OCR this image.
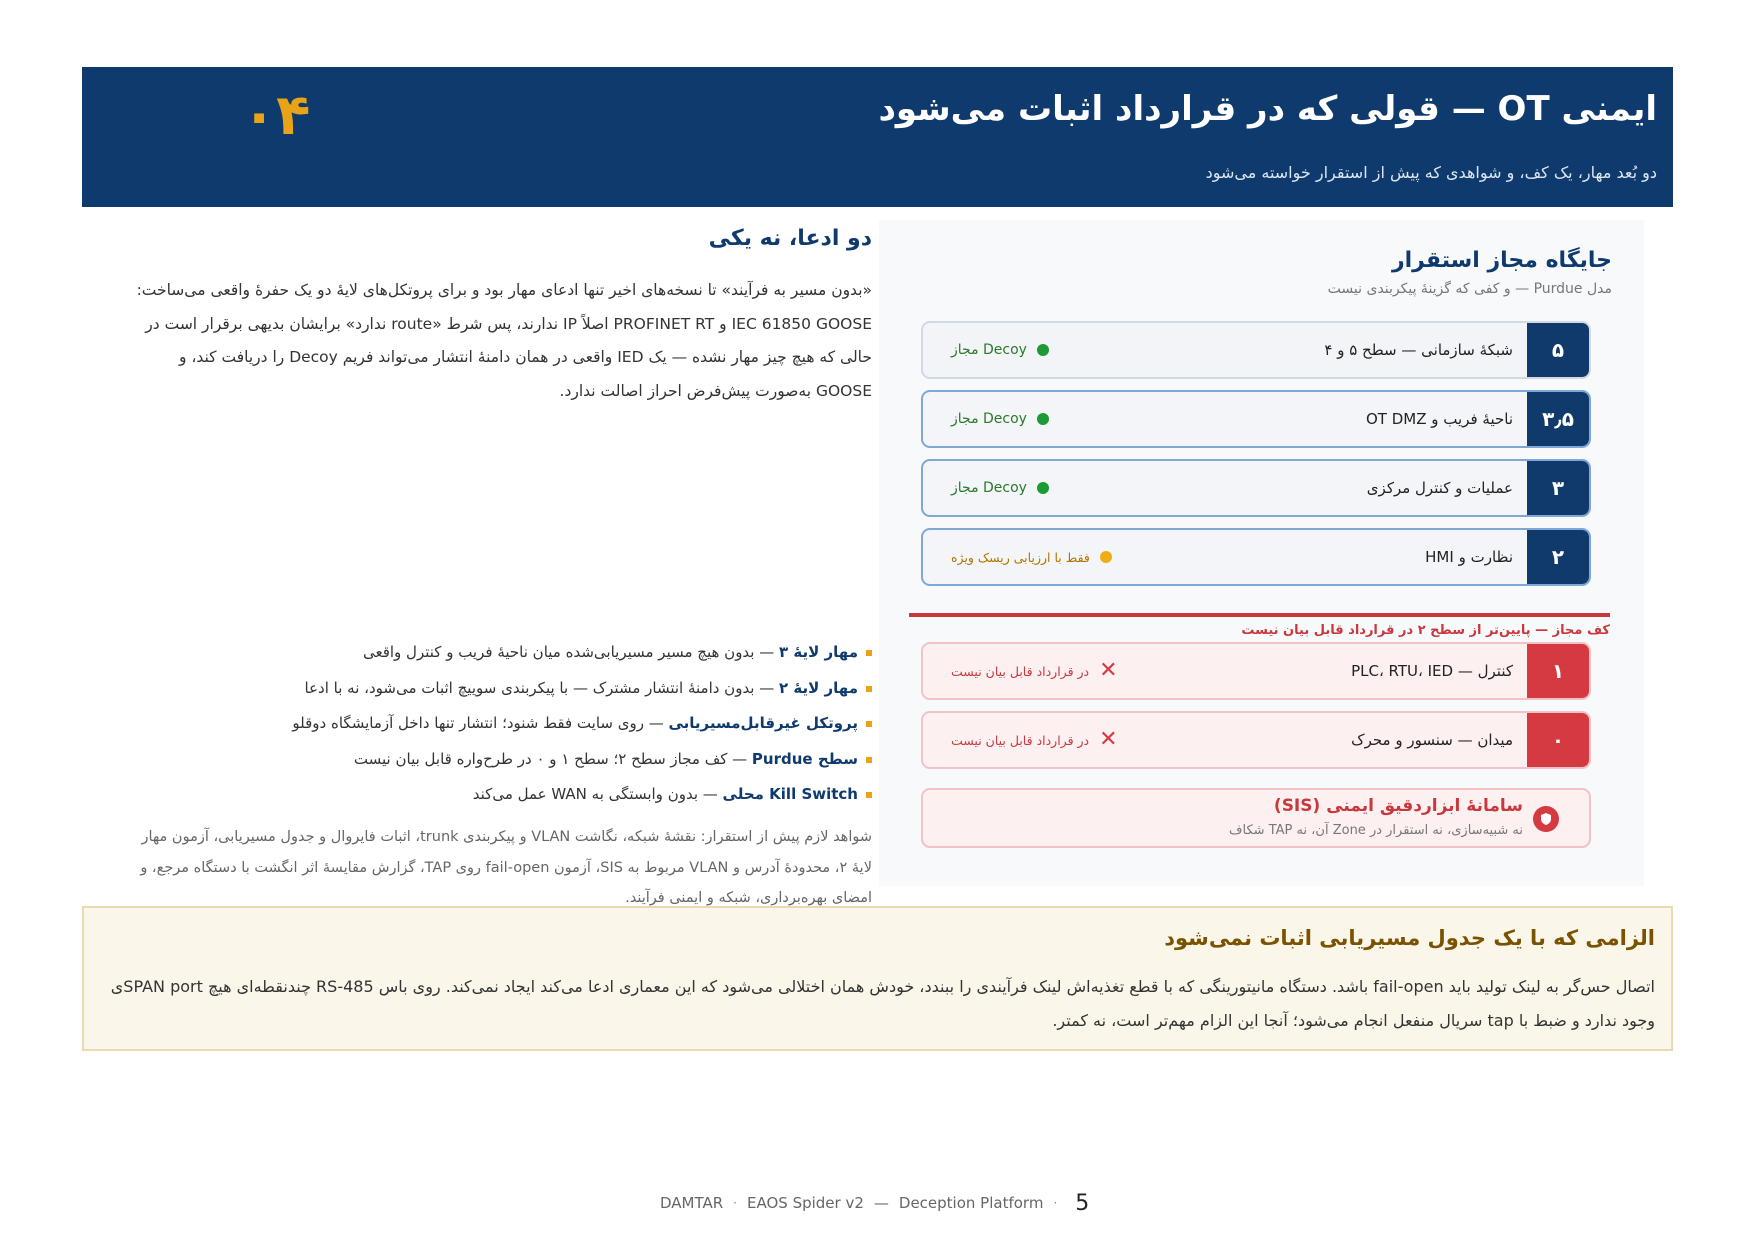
ایمنی OT — قولی که در قرارداد اثبات می‌شود
دو بُعد مهار، یک کف، و شواهدی که پیش از استقرار خواسته می‌شود
۰۴
دو ادعا، نه یکی

«بدون مسیر به فرآیند» تا نسخه‌های اخیر تنها ادعای مهار بود و برای پروتکل‌های لایهٔ دو یک حفرهٔ واقعی می‌ساخت: IEC 61850 GOOSE و PROFINET RT اصلاً IP ندارند، پس شرط «route ندارد» برایشان بدیهی برقرار است در حالی که هیچ چیز مهار نشده — یک IED واقعی در همان دامنهٔ انتشار می‌تواند فریم Decoy را دریافت کند، و GOOSE به‌صورت پیش‌فرض احراز اصالت ندارد.

مهار لایهٔ ۳ — بدون هیچ مسیر مسیریابی‌شده میان ناحیهٔ فریب و کنترل واقعی
مهار لایهٔ ۲ — بدون دامنهٔ انتشار مشترک — با پیکربندی سوییچ اثبات می‌شود، نه با ادعا
پروتکل غیرقابل‌مسیریابی — روی سایت فقط شنود؛ انتشار تنها داخل آزمایشگاه دوقلو
سطح Purdue — کف مجاز سطح ۲؛ سطح ۱ و ۰ در طرح‌واره قابل بیان نیست
Kill Switch محلی — بدون وابستگی به WAN عمل می‌کند

شواهد لازم پیش از استقرار: نقشهٔ شبکه، نگاشت VLAN و پیکربندی trunk، اثبات فایروال و جدول مسیریابی، آزمون مهار لایهٔ ۲، محدودهٔ آدرس و VLAN مربوط به SIS، آزمون fail-open روی TAP، گزارش مقایسهٔ اثر انگشت با دستگاه مرجع، و امضای بهره‌برداری، شبکه و ایمنی فرآیند.

جایگاه مجاز استقرار
مدل Purdue — و کفی که گزینهٔ پیکربندی نیست
۵
شبکهٔ سازمانی — سطح ۵ و ۴
Decoy مجاز
۳٫۵
ناحیهٔ فریب و OT DMZ
Decoy مجاز
۳
عملیات و کنترل مرکزی
Decoy مجاز
۲
نظارت و HMI
فقط با ارزیابی ریسک ویژه
کف مجاز — پایین‌تر از سطح ۲ در قرارداد قابل بیان نیست
۱
کنترل — PLC، RTU، IED
✕
در قرارداد قابل بیان نیست
۰
میدان — سنسور و محرک
✕
در قرارداد قابل بیان نیست
سامانهٔ ابزاردقیق ایمنی (SIS)
نه شبیه‌سازی، نه استقرار در Zone آن، نه TAP شکاف
الزامی که با یک جدول مسیریابی اثبات نمی‌شود

اتصال حس‌گر به لینک تولید باید fail-open باشد. دستگاه مانیتورینگی که با قطع تغذیه‌اش لینک فرآیندی را ببندد، خودش همان اختلالی می‌شود که این معماری ادعا می‌کند ایجاد نمی‌کند. روی باس RS-485 چندنقطه‌ای هیچ SPAN portی وجود ندارد و ضبط با tap سریال منفعل انجام می‌شود؛ آنجا این الزام مهم‌تر است، نه کمتر.

DAMTAR · EAOS Spider v2 — Deception Platform · 5
